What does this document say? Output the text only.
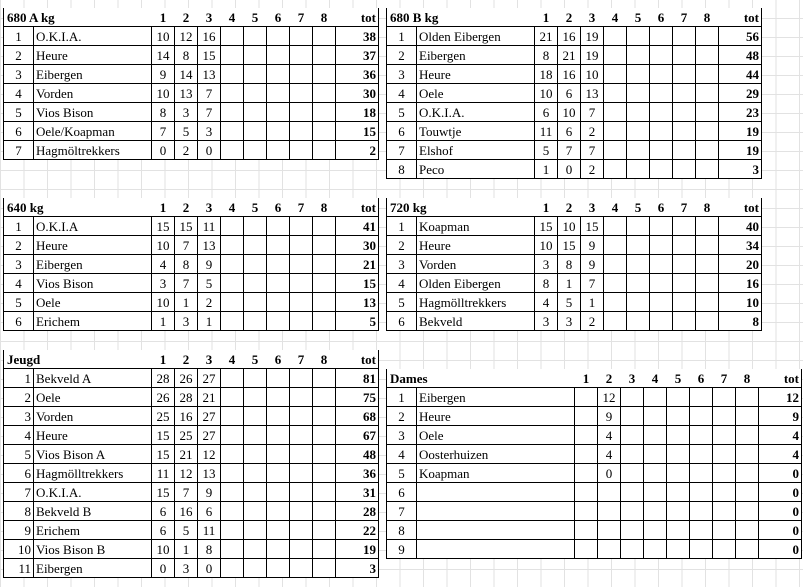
680 A kg		1	2	3	4	5	6	7	8	tot
1	O.K.I.A.	10	12	16						38
2	Heure	14	8	15						37
3	Eibergen	9	14	13						36
4	Vorden	10	13	7						30
5	Vios Bison	8	3	7						18
6	Oele/Koapman	7	5	3						15
7	Hagmöltrekkers	0	2	0						2
680 B kg		1	2	3	4	5	6	7	8	tot
1	Olden Eibergen	21	16	19						56
2	Eibergen	8	21	19						48
3	Heure	18	16	10						44
4	Oele	10	6	13						29
5	O.K.I.A.	6	10	7						23
6	Touwtje	11	6	2						19
7	Elshof	5	7	7						19
8	Peco	1	0	2						3
640 kg		1	2	3	4	5	6	7	8	tot
1	O.K.I.A	15	15	11						41
2	Heure	10	7	13						30
3	Eibergen	4	8	9						21
4	Vios Bison	3	7	5						15
5	Oele	10	1	2						13
6	Erichem	1	3	1						5
720 kg		1	2	3	4	5	6	7	8	tot
1	Koapman	15	10	15						40
2	Heure	10	15	9						34
3	Vorden	3	8	9						20
4	Olden Eibergen	8	1	7						16
5	Hagmölltrekkers	4	5	1						10
6	Bekveld	3	3	2						8
Jeugd		1	2	3	4	5	6	7	8	tot
1	Bekveld A	28	26	27						81
2	Oele	26	28	21						75
3	Vorden	25	16	27						68
4	Heure	15	25	27						67
5	Vios Bison A	15	21	12						48
6	Hagmölltrekkers	11	12	13						36
7	O.K.I.A.	15	7	9						31
8	Bekveld B	6	16	6						28
9	Erichem	6	5	11						22
10	Vios Bison B	10	1	8						19
11	Eibergen	0	3	0						3
Dames		1	2	3	4	5	6	7	8	tot
1	Eibergen		12							12
2	Heure		9							9
3	Oele		4							4
4	Oosterhuizen		4							4
5	Koapman		0							0
6										0
7										0
8										0
9										0
